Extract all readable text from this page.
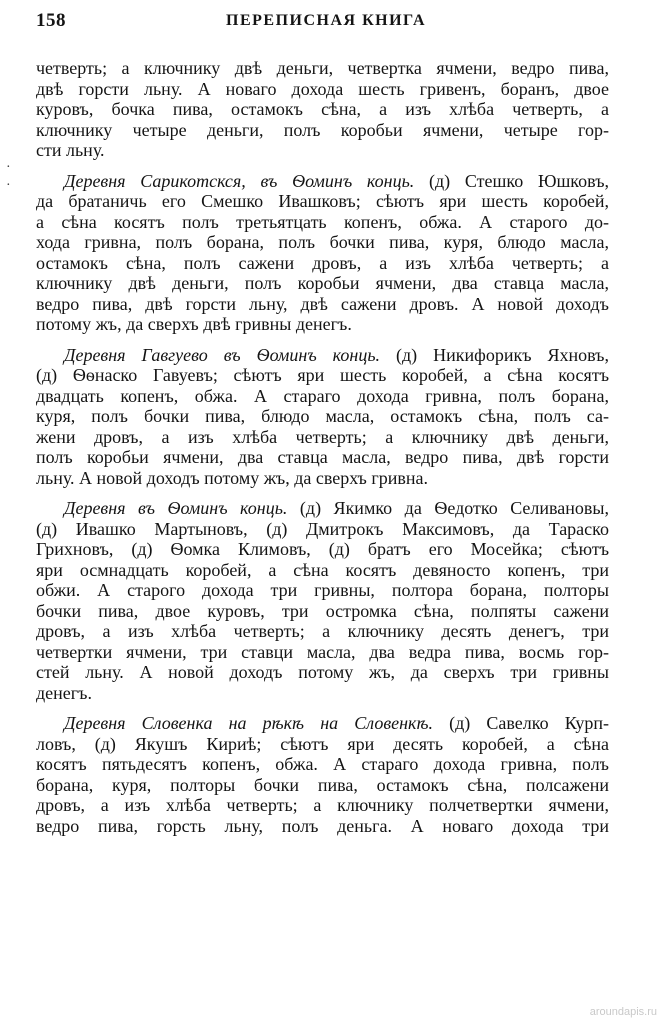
158	ПЕРЕПИСНАЯ КНИГА
·
·
четверть; а ключнику двѣ деньги, четвертка ячмени, ведро пива,
двѣ горсти льну. А новаго дохода шесть гривенъ, боранъ, двое
куровъ, бочка пива, остамокъ сѣна, а изъ хлѣба четверть, а
ключнику четыре деньги, полъ коробьи ячмени, четыре гор-
сти льну.
Деревня Сарикотскся, въ Ѳоминъ конць. (д) Стешко Юшковъ,
да братаничь его Смешко Ивашковъ; сѣютъ яри шесть коробей,
а сѣна косятъ полъ третьятцать копенъ, обжа. А старого до-
хода гривна, полъ борана, полъ бочки пива, куря, блюдо масла,
остамокъ сѣна, полъ сажени дровъ, а изъ хлѣба четверть; а
ключнику двѣ деньги, полъ коробьи ячмени, два ставца масла,
ведро пива, двѣ горсти льну, двѣ сажени дровъ. А новой доходъ
потому жъ, да сверхъ двѣ гривны денегъ.
Деревня Гавгуево въ Ѳоминъ конць. (д) Никифорикъ Яхновъ,
(д) Ѳѳнаско Гавуевъ; сѣютъ яри шесть коробей, а сѣна косятъ
двадцать копенъ, обжа. А стараго дохода гривна, полъ борана,
куря, полъ бочки пива, блюдо масла, остамокъ сѣна, полъ са-
жени дровъ, а изъ хлѣба четверть; а ключнику двѣ деньги,
полъ коробьи ячмени, два ставца масла, ведро пива, двѣ горсти
льну. А новой доходъ потому жъ, да сверхъ гривна.
Деревня въ Ѳоминъ конць. (д) Якимко да Ѳедотко Селивановы,
(д) Ивашко Мартыновъ, (д) Дмитрокъ Максимовъ, да Тараско
Грихновъ, (д) Ѳомка Климовъ, (д) братъ его Мосейка; сѣютъ
яри осмнадцать коробей, а сѣна косятъ девяносто копенъ, три
обжи. А старого дохода три гривны, полтора борана, полторы
бочки пива, двое куровъ, три остромка сѣна, полпяты сажени
дровъ, а изъ хлѣба четверть; а ключнику десять денегъ, три
четвертки ячмени, три ставци масла, два ведра пива, восмь гор-
стей льну. А новой доходъ потому жъ, да сверхъ три гривны
денегъ.
Деревня Словенка на рѣкѣ на Словенкѣ. (д) Савелко Курп-
ловъ, (д) Якушъ Кириѣ; сѣютъ яри десять коробей, а сѣна
косятъ пятьдесятъ копенъ, обжа. А стараго дохода гривна, полъ
борана, куря, полторы бочки пива, остамокъ сѣна, полсажени
дровъ, а изъ хлѣба четверть; а ключнику полчетвертки ячмени,
ведро пива, горсть льну, полъ деньга. А новаго дохода три
aroundapis.ru
